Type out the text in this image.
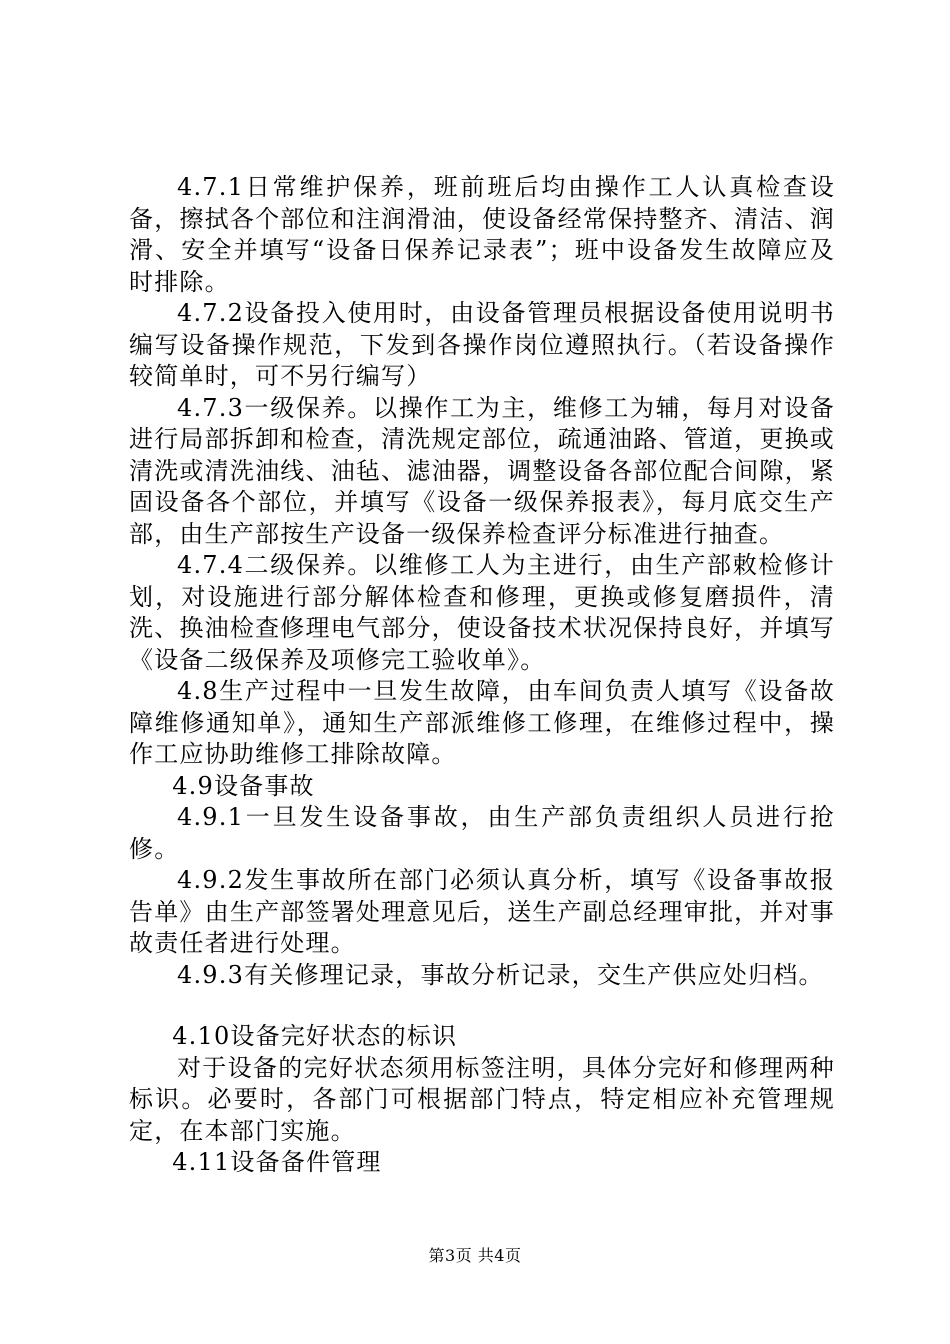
4.7.1日常维护保养，班前班后均由操作工人认真检查设备，擦拭各个部位和注润滑油，使设备经常保持整齐、清洁、润滑、安全并填写“设备日保养记录表”；班中设备发生故障应及时排除。

4.7.2设备投入使用时，由设备管理员根据设备使用说明书编写设备操作规范，下发到各操作岗位遵照执行。（若设备操作较简单时，可不另行编写）

4.7.3一级保养。以操作工为主，维修工为辅，每月对设备进行局部拆卸和检查，清洗规定部位，疏通油路、管道，更换或清洗或清洗油线、油毡、滤油器，调整设备各部位配合间隙，紧固设备各个部位，并填写《设备一级保养报表》，每月底交生产部，由生产部按生产设备一级保养检查评分标准进行抽查。

4.7.4二级保养。以维修工人为主进行，由生产部敕检修计划，对设施进行部分解体检查和修理，更换或修复磨损件，清洗、换油检查修理电气部分，使设备技术状况保持良好，并填写《设备二级保养及项修完工验收单》。

4.8生产过程中一旦发生故障，由车间负责人填写《设备故障维修通知单》，通知生产部派维修工修理，在维修过程中，操作工应协助维修工排除故障。

4.9设备事故

4.9.1一旦发生设备事故，由生产部负责组织人员进行抢修。

4.9.2发生事故所在部门必须认真分析，填写《设备事故报告单》由生产部签署处理意见后，送生产副总经理审批，并对事故责任者进行处理。

4.9.3有关修理记录，事故分析记录，交生产供应处归档。

4.10设备完好状态的标识

对于设备的完好状态须用标签注明，具体分完好和修理两种标识。必要时，各部门可根据部门特点，特定相应补充管理规定，在本部门实施。

4.11设备备件管理

第3页 共4页
